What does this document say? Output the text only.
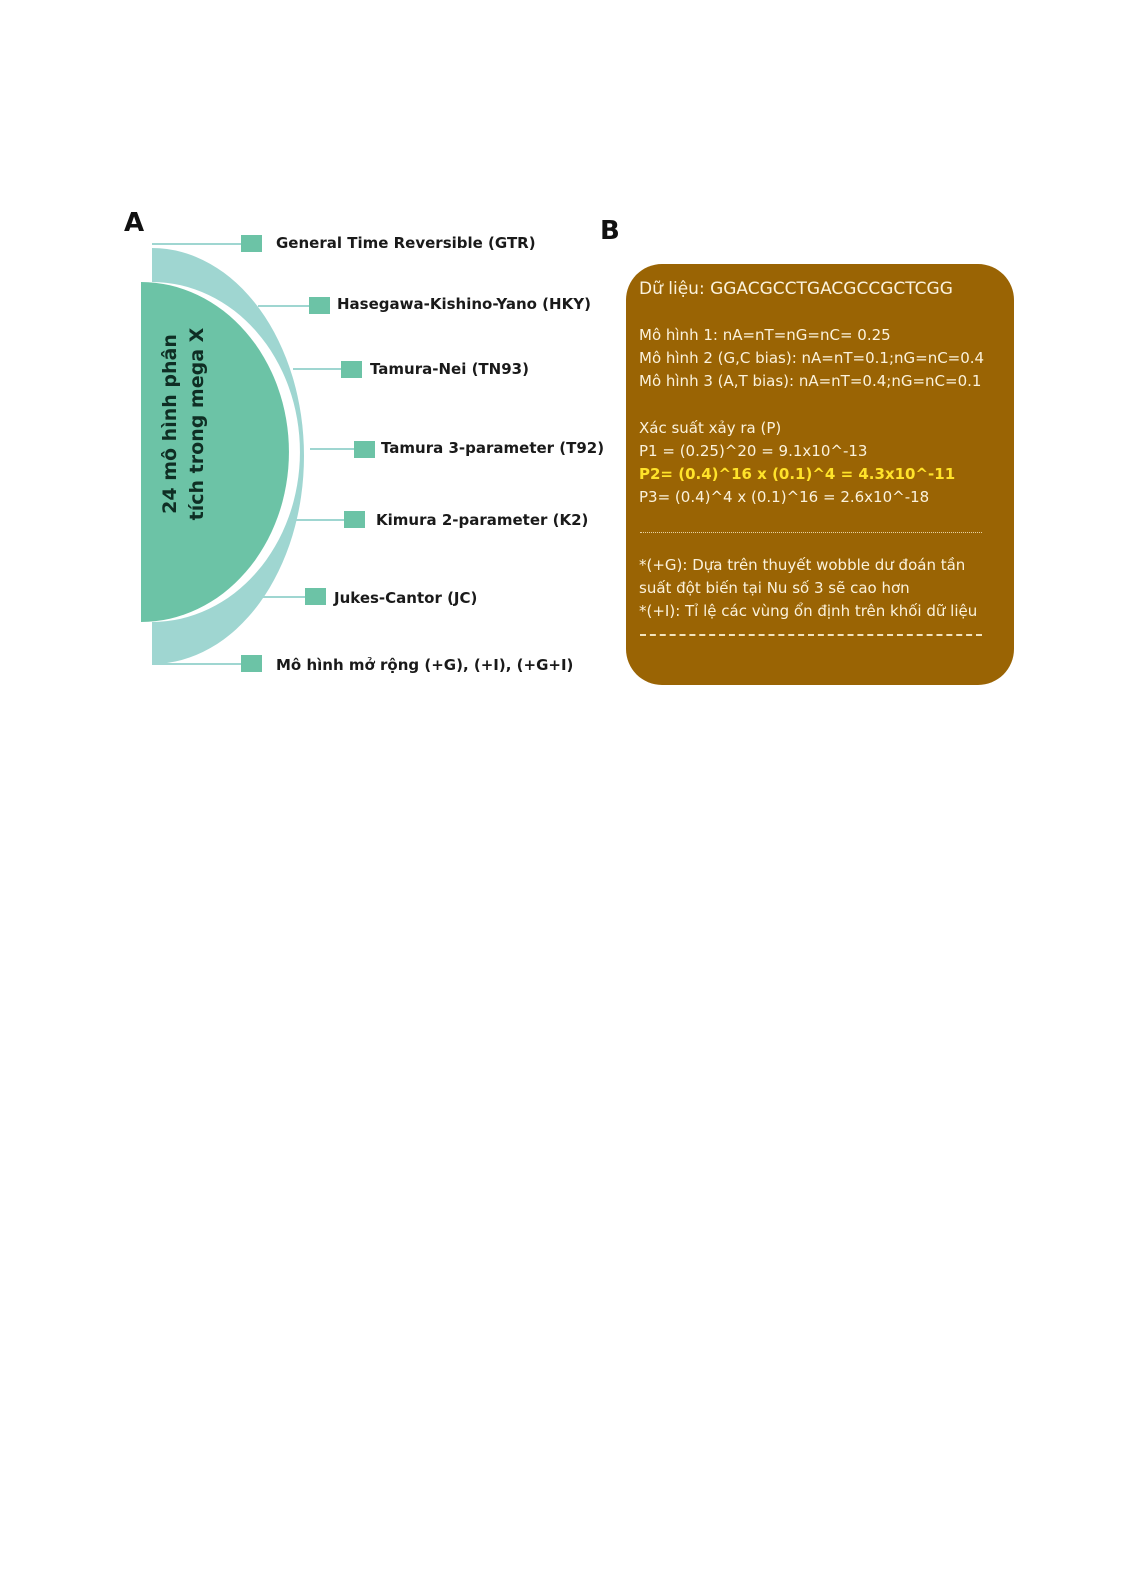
A	B
24 mô hình phân tích trong mega X
General Time Reversible (GTR)
Hasegawa-Kishino-Yano (HKY)
Tamura-Nei (TN93)
Tamura 3-parameter (T92)
Kimura 2-parameter (K2)
Jukes-Cantor (JC)
Mô hình mở rộng (+G), (+I), (+G+I)
Dữ liệu: GGACGCCTGACGCCGCTCGG
Mô hình 1: nA=nT=nG=nC= 0.25
Mô hình 2 (G,C bias): nA=nT=0.1;nG=nC=0.4
Mô hình 3 (A,T bias): nA=nT=0.4;nG=nC=0.1
Xác suất xảy ra (P)
P1 = (0.25)^20 = 9.1x10^-13
P2= (0.4)^16 x (0.1)^4 = 4.3x10^-11
P3= (0.4)^4 x (0.1)^16 = 2.6x10^-18
*(+G): Dựa trên thuyết wobble dư đoán tần
suất đột biến tại Nu số 3 sẽ cao hơn
*(+I): Tỉ lệ các vùng ổn định trên khối dữ liệu
